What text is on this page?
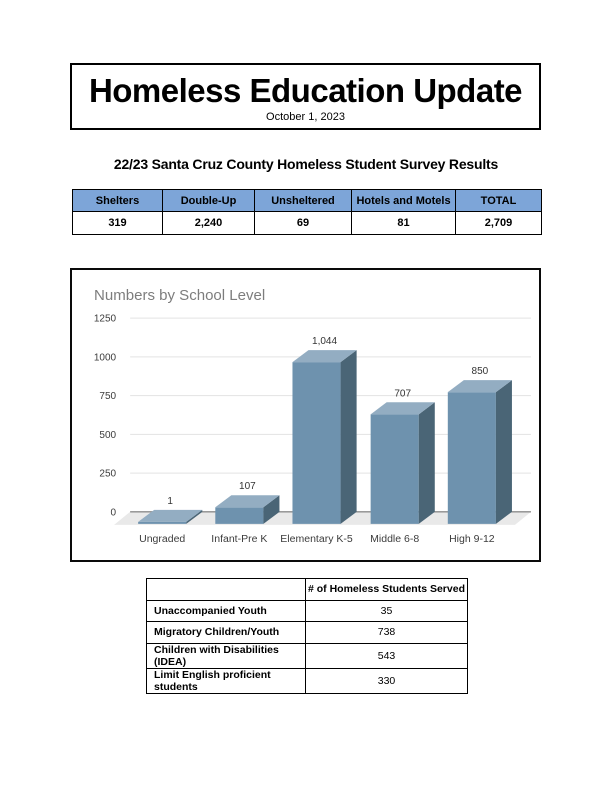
Homeless Education Update
October 1, 2023
22/23 Santa Cruz County Homeless Student Survey Results
Shelters	Double-Up	Unsheltered	Hotels and Motels	TOTAL
319	2,240	69	81	2,709
0
250
500
750
1000
1250
Numbers by School Level
1
Ungraded
107
Infant-Pre K
1,044
Elementary K-5
707
Middle 6-8
850
High 9-12
	# of Homeless Students Served
Unaccompanied Youth	35
Migratory Children/Youth	738
Children with Disabilities (IDEA)	543
Limit English proficient students	330
